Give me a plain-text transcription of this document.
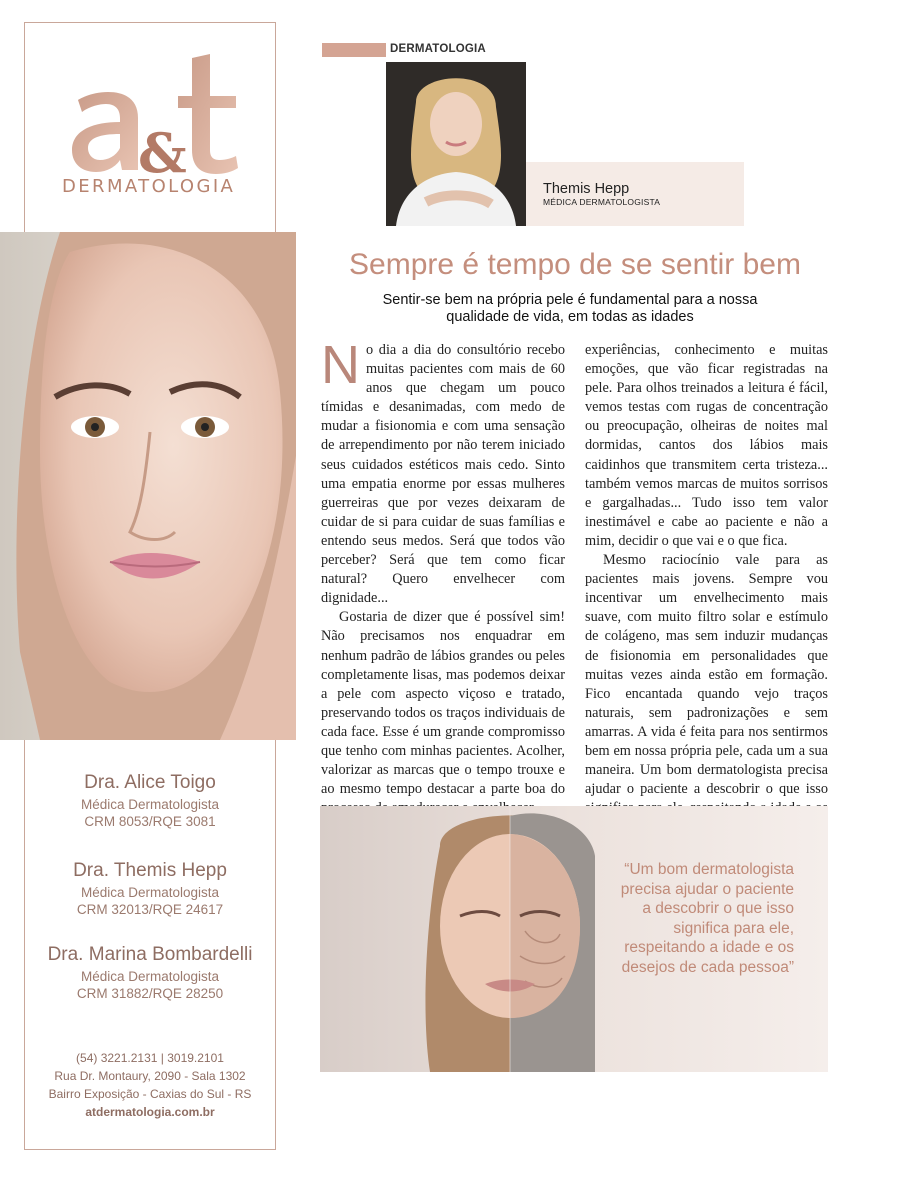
&
DERMATOLOGIA
Dra. Alice Toigo
Médica Dermatologista
CRM 8053/RQE 3081
Dra. Themis Hepp
Médica Dermatologista
CRM 32013/RQE 24617
Dra. Marina Bombardelli
Médica Dermatologista
CRM 31882/RQE 28250
(54) 3221.2131 | 3019.2101
Rua Dr. Montaury, 2090 - Sala 1302
Bairro Exposição - Caxias do Sul - RS
atdermatologia.com.br
DERMATOLOGIA
Themis Hepp
MÉDICA DERMATOLOGISTA
Sempre é tempo de se sentir bem
Sentir-se bem na própria pele é fundamental para a nossa qualidade de vida, em todas as idades

No dia a dia do consultório recebo muitas pacientes com mais de 60 anos que chegam um pouco tímidas e desanimadas, com medo de mudar a fisionomia e com uma sensação de arrependimento por não terem iniciado seus cuidados estéticos mais cedo. Sinto uma empatia enorme por essas mulheres guerreiras que por vezes deixaram de cuidar de si para cuidar de suas famílias e entendo seus medos. Será que todos vão perceber? Será que tem como ficar natural? Quero envelhecer com dignidade...

Gostaria de dizer que é possível sim! Não precisamos nos enquadrar em nenhum padrão de lábios grandes ou peles completamente lisas, mas podemos deixar a pele com aspecto viçoso e tratado, preservando todos os traços individuais de cada face. Esse é um grande compromisso que tenho com minhas pacientes. Acolher, valorizar as marcas que o tempo trouxe e ao mesmo tempo destacar a parte boa do

experiências, conhecimento e muitas emoções, que vão ficar registradas na pele. Para olhos treinados a leitura é fácil, vemos testas com rugas de concentração ou preocupação, olheiras de noites mal dormidas, cantos dos lábios mais caidinhos que transmitem certa tristeza... também vemos marcas de muitos sorrisos e gargalhadas... Tudo isso tem valor inestimável e cabe ao paciente e não a mim, decidir o que vai e o que fica.

Mesmo raciocínio vale para as pacientes mais jovens. Sempre vou incentivar um envelhecimento mais suave, com muito filtro solar e estímulo de colágeno, mas sem induzir mudanças de fisionomia em personalidades que muitas vezes ainda estão em formação. Fico encantada quando vejo traços naturais, sem padronizações e sem amarras. A vida é feita para nos sentirmos bem em nossa própria pele, cada um a sua maneira. Um bom dermatologista precisa ajudar o paciente a descobrir o que isso

“Um bom dermatologista precisa ajudar o paciente a descobrir o que isso significa para ele, respeitando a idade e os desejos de cada pessoa”
